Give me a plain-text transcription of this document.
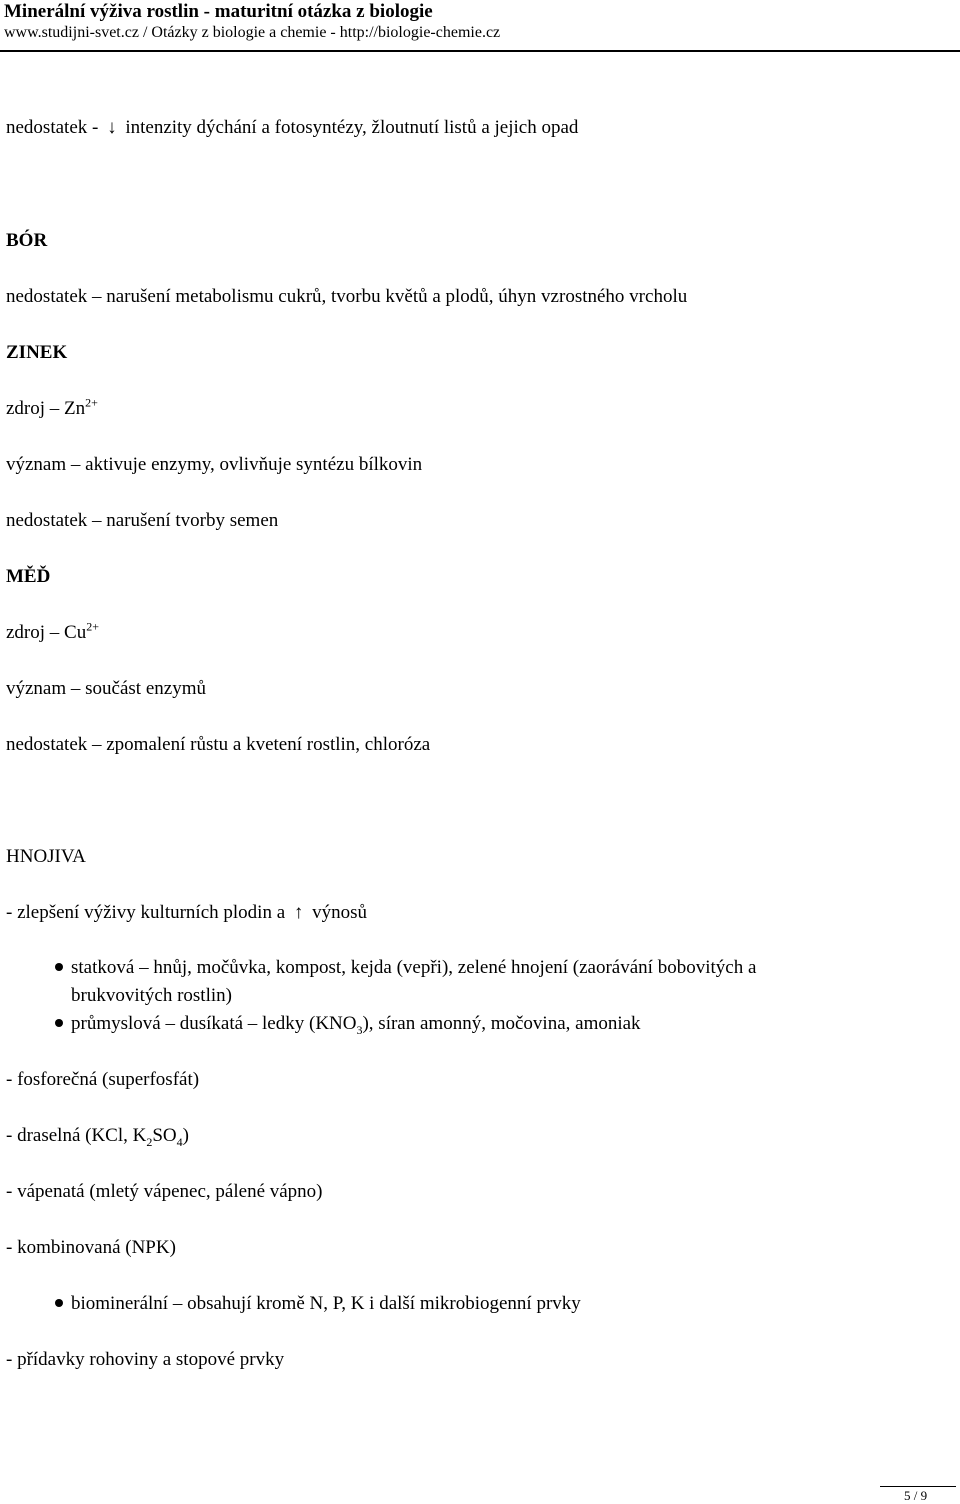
Minerální výživa rostlin - maturitní otázka z biologie
www.studijni-svet.cz / Otázky z biologie a chemie - http://biologie-chemie.cz
nedostatek - ↓ intenzity dýchání a fotosyntézy, žloutnutí listů a jejich opad
BÓR
nedostatek – narušení metabolismu cukrů, tvorbu květů a plodů, úhyn vzrostného vrcholu
ZINEK
zdroj – $Zn^{2+}$
význam – aktivuje enzymy, ovlivňuje syntézu bílkovin
nedostatek – narušení tvorby semen
MĚĎ
zdroj – $Cu^{2+}$
význam – součást enzymů
nedostatek – zpomalení růstu a kvetení rostlin, chloróza
HNOJIVA
- zlepšení výživy kulturních plodin a ↑ výnosů
statková – hnůj, močůvka, kompost, kejda (vepři), zelené hnojení (zaorávání bobovitých a
brukvovitých rostlin)
průmyslová – dusíkatá – ledky $(KNO_3)$, síran amonný, močovina, amoniak
- fosforečná (superfosfát)
- draselná (KCl, $K_2SO_4$)
- vápenatá (mletý vápenec, pálené vápno)
- kombinovaná (NPK)
biominerální – obsahují kromě N, P, K i další mikrobiogenní prvky
- přídavky rohoviny a stopové prvky
5 / 9
